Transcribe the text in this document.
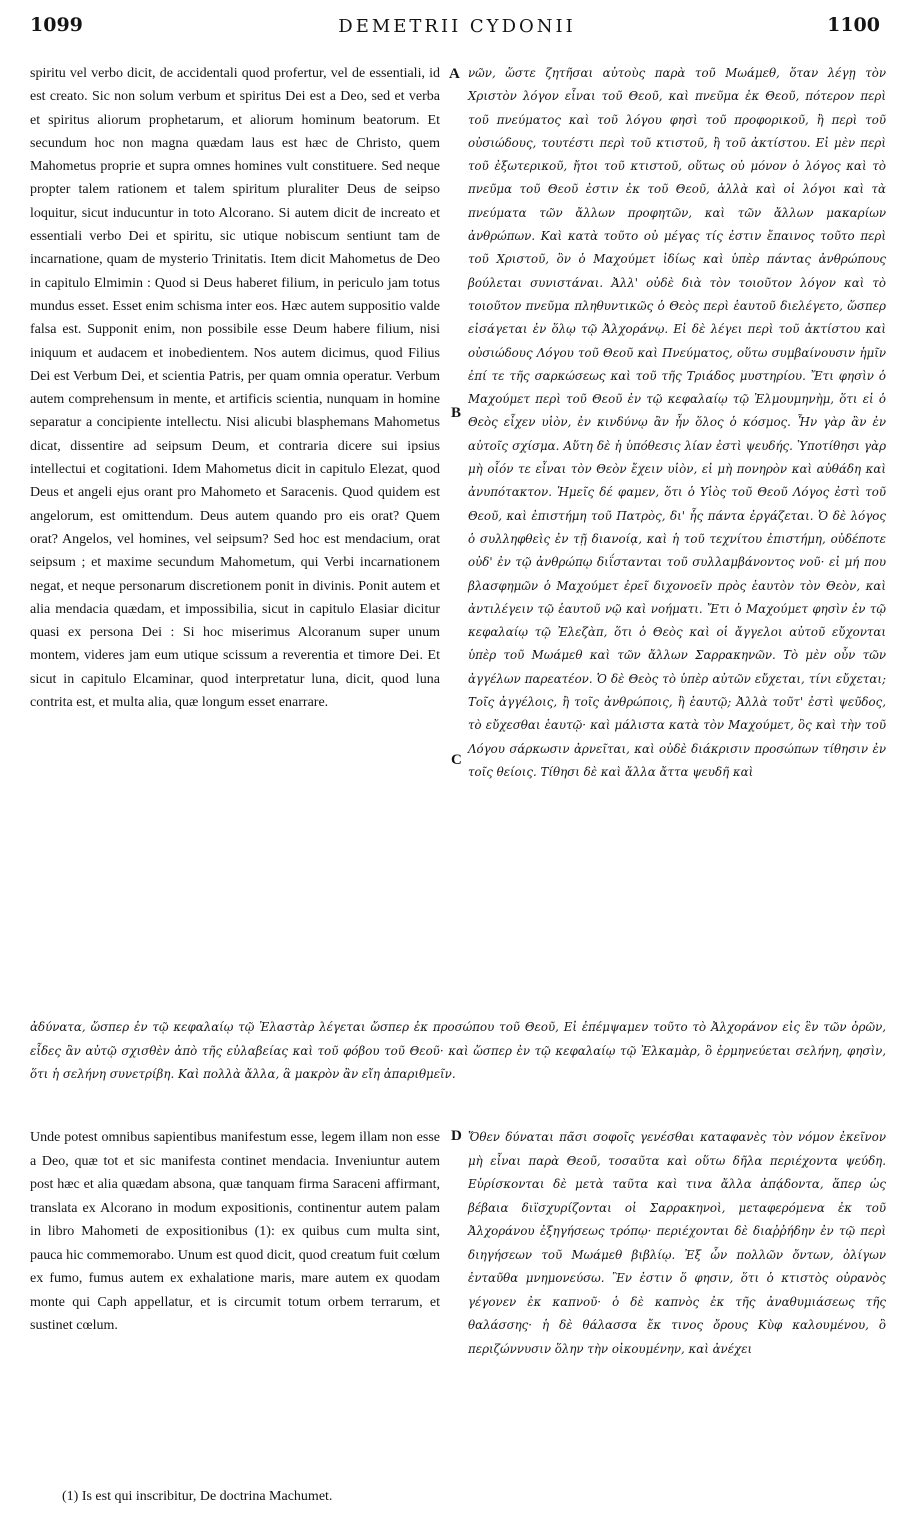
1099	DEMETRII CYDONII	1100
spiritu vel verbo dicit, de accidentali quod profertur, vel de essentiali, id est creato. Sic non solum verbum et spiritus Dei est a Deo, sed et verba et spiritus aliorum prophetarum, et aliorum hominum beatorum. Et secundum hoc non magna quædam laus est hæc de Christo, quem Mahometus proprie et supra omnes homines vult constituere. Sed neque propter talem rationem et talem spiritum pluraliter Deus de seipso loquitur, sicut inducuntur in toto Alcorano. Si autem dicit de increato et essentiali verbo Dei et spiritu, sic utique nobiscum sentiunt tam de incarnatione, quam de mysterio Trinitatis. Item dicit Mahometus de Deo in capitulo Elmimin : Quod si Deus haberet filium, in periculo jam totus mundus esset. Esset enim schisma inter eos. Hæc autem suppositio valde falsa est. Supponit enim, non possibile esse Deum habere filium, nisi iniquum et audacem et inobedientem. Nos autem dicimus, quod Filius Dei est Verbum Dei, et scientia Patris, per quam omnia operatur. Verbum autem comprehensum in mente, et artificis scientia, nunquam in homine separatur a concipiente intellectu. Nisi alicubi blasphemans Mahometus dicat, dissentire ad seipsum Deum, et contraria dicere sui ipsius intellectui et cogitationi. Idem Mahometus dicit in capitulo Elezat, quod Deus et angeli ejus orant pro Mahometo et Saracenis. Quod quidem est angelorum, est omittendum. Deus autem quando pro eis orat? Quem orat? Angelos, vel homines, vel seipsum? Sed hoc est mendacium, orat seipsum ; et maxime secundum Mahometum, qui Verbi incarnationem negat, et neque personarum discretionem ponit in divinis. Ponit autem et alia mendacia quædam, et impossibilia, sicut in capitulo Elasiar dicitur quasi ex persona Dei : Si hoc miserimus Alcoranum super unum montem, videres jam eum utique scissum a reverentia et timore Dei. Et sicut in capitulo Elcaminar, quod interpretatur luna, dicit, quod luna contrita est, et multa alia, quæ longum esset enarrare.
νῶν, ὥστε ζητῆσαι αὐτοὺς παρὰ τοῦ Μωάμεθ, ὅταν λέγῃ τὸν Χριστὸν λόγον εἶναι τοῦ Θεοῦ, καὶ πνεῦμα ἐκ Θεοῦ, πότερον περὶ τοῦ πνεύματος καὶ τοῦ λόγου φησὶ τοῦ προφορικοῦ, ἢ περὶ τοῦ οὐσιώδους, τουτέστι περὶ τοῦ κτιστοῦ, ἢ τοῦ ἀκτίστου. Εἰ μὲν περὶ τοῦ ἐξωτερικοῦ, ἤτοι τοῦ κτιστοῦ, οὕτως οὐ μόνον ὁ λόγος καὶ τὸ πνεῦμα τοῦ Θεοῦ ἐστιν ἐκ τοῦ Θεοῦ, ἀλλὰ καὶ οἱ λόγοι καὶ τὰ πνεύματα τῶν ἄλλων προφητῶν, καὶ τῶν ἄλλων μακαρίων ἀνθρώπων. Καὶ κατὰ τοῦτο οὐ μέγας τίς ἐστιν ἔπαινος τοῦτο περὶ τοῦ Χριστοῦ, ὃν ὁ Μαχούμετ ἰδίως καὶ ὑπὲρ πάντας ἀνθρώπους βούλεται συνιστάναι. Ἀλλ' οὐδὲ διὰ τὸν τοιοῦτον λόγον καὶ τὸ τοιοῦτον πνεῦμα πληθυντικῶς ὁ Θεὸς περὶ ἑαυτοῦ διελέγετο, ὥσπερ εἰσάγεται ἐν ὅλῳ τῷ Ἀλχοράνῳ. Εἰ δὲ λέγει περὶ τοῦ ἀκτίστου καὶ οὐσιώδους Λόγου τοῦ Θεοῦ καὶ Πνεύματος, οὕτω συμβαίνουσιν ἡμῖν ἐπί τε τῆς σαρκώσεως καὶ τοῦ τῆς Τριάδος μυστηρίου. Ἔτι φησὶν ὁ Μαχούμετ περὶ τοῦ Θεοῦ ἐν τῷ κεφαλαίῳ τῷ Ἐλμουμηνὴμ, ὅτι εἰ ὁ Θεὸς εἶχεν υἱὸν, ἐν κινδύνῳ ἂν ἦν ὅλος ὁ κόσμος. Ἦν γὰρ ἂν ἐν αὐτοῖς σχίσμα. Αὕτη δὲ ἡ ὑπόθεσις λίαν ἐστὶ ψευδής. Ὑποτίθησι γὰρ μὴ οἷόν τε εἶναι τὸν Θεὸν ἔχειν υἱὸν, εἰ μὴ πονηρὸν καὶ αὐθάδη καὶ ἀνυπότακτον. Ἡμεῖς δέ φαμεν, ὅτι ὁ Υἱὸς τοῦ Θεοῦ Λόγος ἐστὶ τοῦ Θεοῦ, καὶ ἐπιστήμη τοῦ Πατρὸς, δι' ἧς πάντα ἐργάζεται. Ὁ δὲ λόγος ὁ συλληφθεὶς ἐν τῇ διανοίᾳ, καὶ ἡ τοῦ τεχνίτου ἐπιστήμη, οὐδέποτε οὐδ' ἐν τῷ ἀνθρώπῳ διΐστανται τοῦ συλλαμβάνοντος νοῦ· εἰ μή που βλασφημῶν ὁ Μαχούμετ ἐρεῖ διχονοεῖν πρὸς ἑαυτὸν τὸν Θεὸν, καὶ ἀντιλέγειν τῷ ἑαυτοῦ νῷ καὶ νοήματι. Ἔτι ὁ Μαχούμετ φησὶν ἐν τῷ κεφαλαίῳ τῷ Ἐλεζὰπ, ὅτι ὁ Θεὸς καὶ οἱ ἄγγελοι αὐτοῦ εὔχονται ὑπὲρ τοῦ Μωάμεθ καὶ τῶν ἄλλων Σαρρακηνῶν. Τὸ μὲν οὖν τῶν ἀγγέλων παρεατέον. Ὁ δὲ Θεὸς τὸ ὑπὲρ αὐτῶν εὔχεται, τίνι εὔχεται; Τοῖς ἀγγέλοις, ἢ τοῖς ἀνθρώποις, ἢ ἑαυτῷ; Ἀλλὰ τοῦτ' ἐστὶ ψεῦδος, τὸ εὔχεσθαι ἑαυτῷ· καὶ μάλιστα κατὰ τὸν Μαχούμετ, ὃς καὶ τὴν τοῦ Λόγου σάρκωσιν ἀρνεῖται, καὶ οὐδὲ διάκρισιν προσώπων τίθησιν ἐν τοῖς θείοις. Τίθησι δὲ καὶ ἄλλα ἄττα ψευδῆ καὶ
A
B
C
D
ἀδύνατα, ὥσπερ ἐν τῷ κεφαλαίῳ τῷ Ἐλαστὰρ λέγεται ὥσπερ ἐκ προσώπου τοῦ Θεοῦ, Εἰ ἐπέμψαμεν τοῦτο τὸ Ἀλχοράνον εἰς ἓν τῶν ὀρῶν, εἶδες ἂν αὐτῷ σχισθὲν ἀπὸ τῆς εὐλαβείας καὶ τοῦ φόβου τοῦ Θεοῦ· καὶ ὥσπερ ἐν τῷ κεφαλαίῳ τῷ Ἐλκαμὰρ, ὃ ἑρμηνεύεται σελήνη, φησὶν, ὅτι ἡ σελήνη συνετρίβη. Καὶ πολλὰ ἄλλα, ἃ μακρὸν ἂν εἴη ἀπαριθμεῖν.
Unde potest omnibus sapientibus manifestum esse, legem illam non esse a Deo, quæ tot et sic manifesta continet mendacia. Inveniuntur autem post hæc et alia quædam absona, quæ tanquam firma Saraceni affirmant, translata ex Alcorano in modum expositionis, continentur autem palam in libro Mahometi de expositionibus (1): ex quibus cum multa sint, pauca hic commemorabo. Unum est quod dicit, quod creatum fuit cœlum ex fumo, fumus autem ex exhalatione maris, mare autem ex quodam monte qui Caph appellatur, et is circumit totum orbem terrarum, et sustinet cœlum.
Ὅθεν δύναται πᾶσι σοφοῖς γενέσθαι καταφανὲς τὸν νόμον ἐκεῖνον μὴ εἶναι παρὰ Θεοῦ, τοσαῦτα καὶ οὕτω δῆλα περιέχοντα ψεύδη. Εὑρίσκονται δὲ μετὰ ταῦτα καὶ τινα ἄλλα ἀπᾴδοντα, ἅπερ ὡς βέβαια διϊσχυρίζονται οἱ Σαρρακηνοὶ, μεταφερόμενα ἐκ τοῦ Ἀλχοράνου ἐξηγήσεως τρόπῳ· περιέχονται δὲ διαῤῥήδην ἐν τῷ περὶ διηγήσεων τοῦ Μωάμεθ βιβλίῳ. Ἐξ ὧν πολλῶν ὄντων, ὀλίγων ἐνταῦθα μνημονεύσω. Ἓν ἐστιν ὅ φησιν, ὅτι ὁ κτιστὸς οὐρανὸς γέγονεν ἐκ καπνοῦ· ὁ δὲ καπνὸς ἐκ τῆς ἀναθυμιάσεως τῆς θαλάσσης· ἡ δὲ θάλασσα ἔκ τινος ὄρους Κὺφ καλουμένου, ὃ περιζώννυσιν ὅλην τὴν οἰκουμένην, καὶ ἀνέχει
(1) Is est qui inscribitur, De doctrina Machumet.
